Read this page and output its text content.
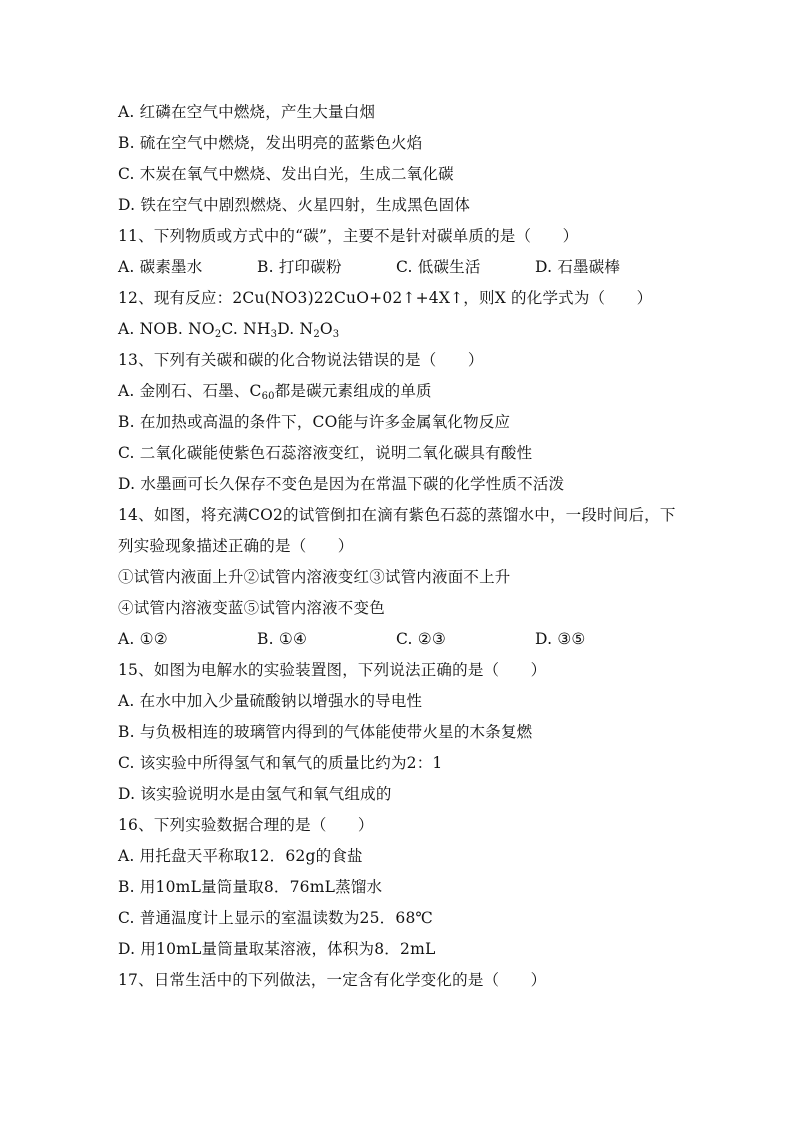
A. 红磷在空气中燃烧，产生大量白烟
B. 硫在空气中燃烧，发出明亮的蓝紫色火焰
C. 木炭在氧气中燃烧、发出白光，生成二氧化碳
D. 铁在空气中剧烈燃烧、火星四射，生成黑色固体
11、下列物质或方式中的“碳”，主要不是针对碳单质的是（　　）
A. 碳素墨水	B. 打印碳粉	C. 低碳生活	D. 石墨碳棒
12、现有反应：2Cu(NO3)22CuO+02↑+4X↑，则X 的化学式为（　　）
A. NOB. $NO_2C$. $NH_3D$. $N_2O_3$
13、下列有关碳和碳的化合物说法错误的是（　　）
A. 金刚石、石墨、$C_{60}$都是碳元素组成的单质
B. 在加热或高温的条件下，CO能与许多金属氧化物反应
C. 二氧化碳能使紫色石蕊溶液变红，说明二氧化碳具有酸性
D. 水墨画可长久保存不变色是因为在常温下碳的化学性质不活泼
14、如图，将充满CO2的试管倒扣在滴有紫色石蕊的蒸馏水中，一段时间后，下
列实验现象描述正确的是（　　）
①试管内液面上升②试管内溶液变红③试管内液面不上升
④试管内溶液变蓝⑤试管内溶液不变色
A. ①②	B. ①④	C. ②③	D. ③⑤
15、如图为电解水的实验装置图，下列说法正确的是（　　）
A. 在水中加入少量硫酸钠以增强水的导电性
B. 与负极相连的玻璃管内得到的气体能使带火星的木条复燃
C. 该实验中所得氢气和氧气的质量比约为2：1
D. 该实验说明水是由氢气和氧气组成的
16、下列实验数据合理的是（　　）
A. 用托盘天平称取12．62g的食盐
B. 用10mL量筒量取8．76mL蒸馏水
C. 普通温度计上显示的室温读数为25．68℃
D. 用10mL量筒量取某溶液，体积为8．2mL
17、日常生活中的下列做法，一定含有化学变化的是（　　）
